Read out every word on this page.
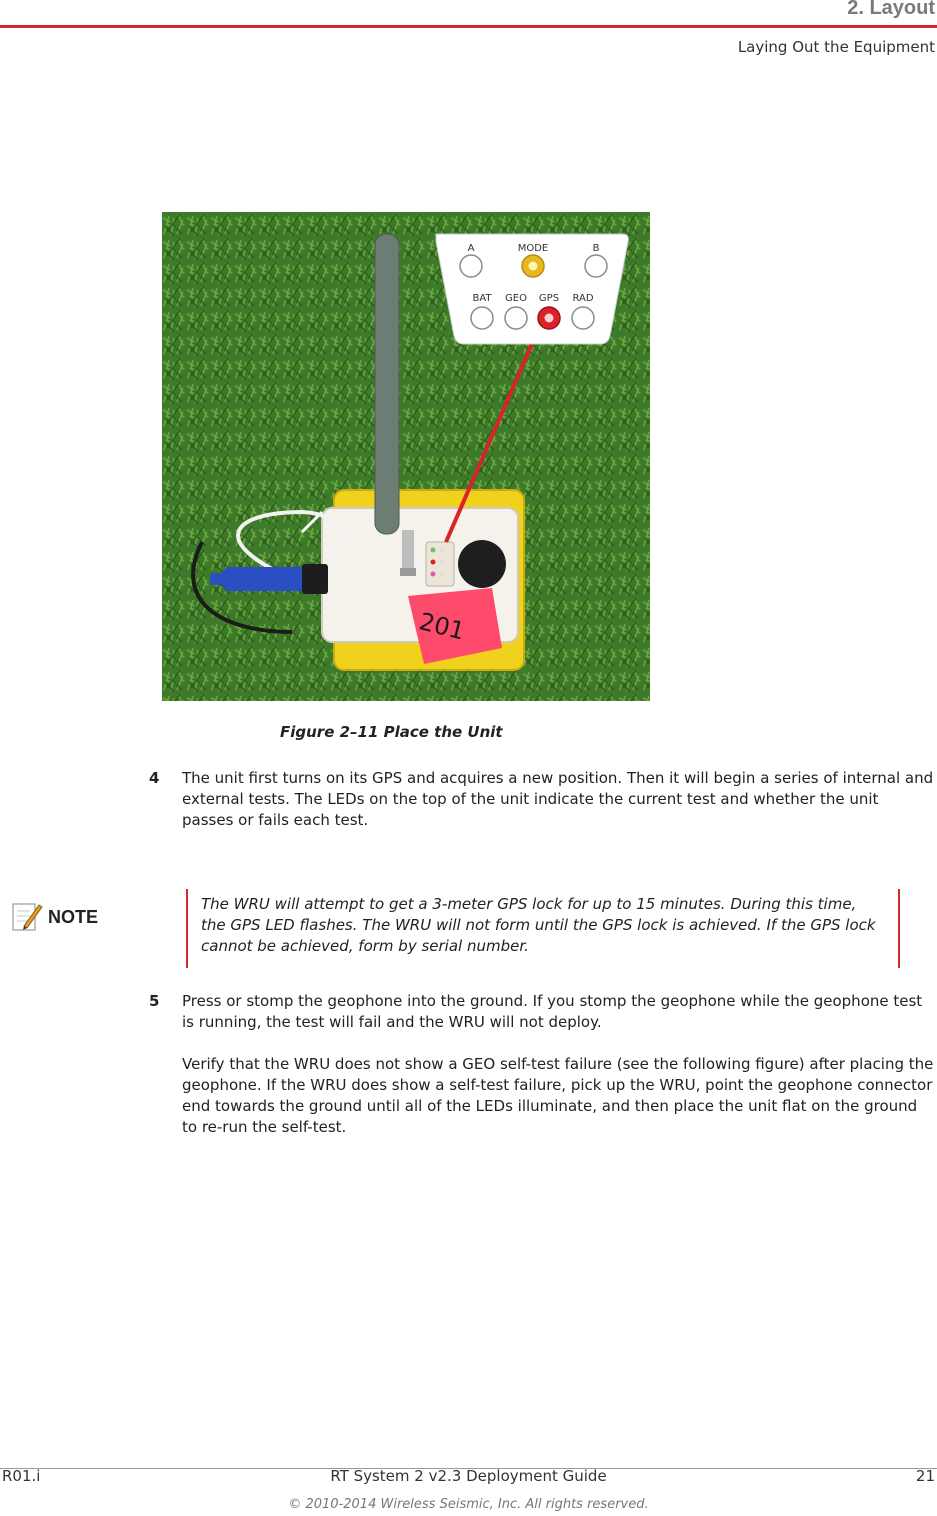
2. Layout
Laying Out the Equipment
201
A	MODE	B
BAT GEO GPS RAD
Figure 2–11 Place the Unit
4 The unit first turns on its GPS and acquires a new position. Then it will begin a series of internal and external tests. The LEDs on the top of the unit indicate the current test and whether the unit passes or fails each test.

NOTE
The WRU will attempt to get a 3-meter GPS lock for up to 15 minutes. During this time, the GPS LED flashes. The WRU will not form until the GPS lock is achieved. If the GPS lock cannot be achieved, form by serial number.
5 Press or stomp the geophone into the ground. If you stomp the geophone while the geophone test is running, the test will fail and the WRU will not deploy.

Verify that the WRU does not show a GEO self-test failure (see the following figure) after placing the geophone. If the WRU does show a self-test failure, pick up the WRU, point the geophone connector end towards the ground until all of the LEDs illuminate, and then place the unit flat on the ground to re-run the self-test.

RT System 2 v2.3 Deployment Guide
R01.i	21
© 2010-2014 Wireless Seismic, Inc. All rights reserved.
